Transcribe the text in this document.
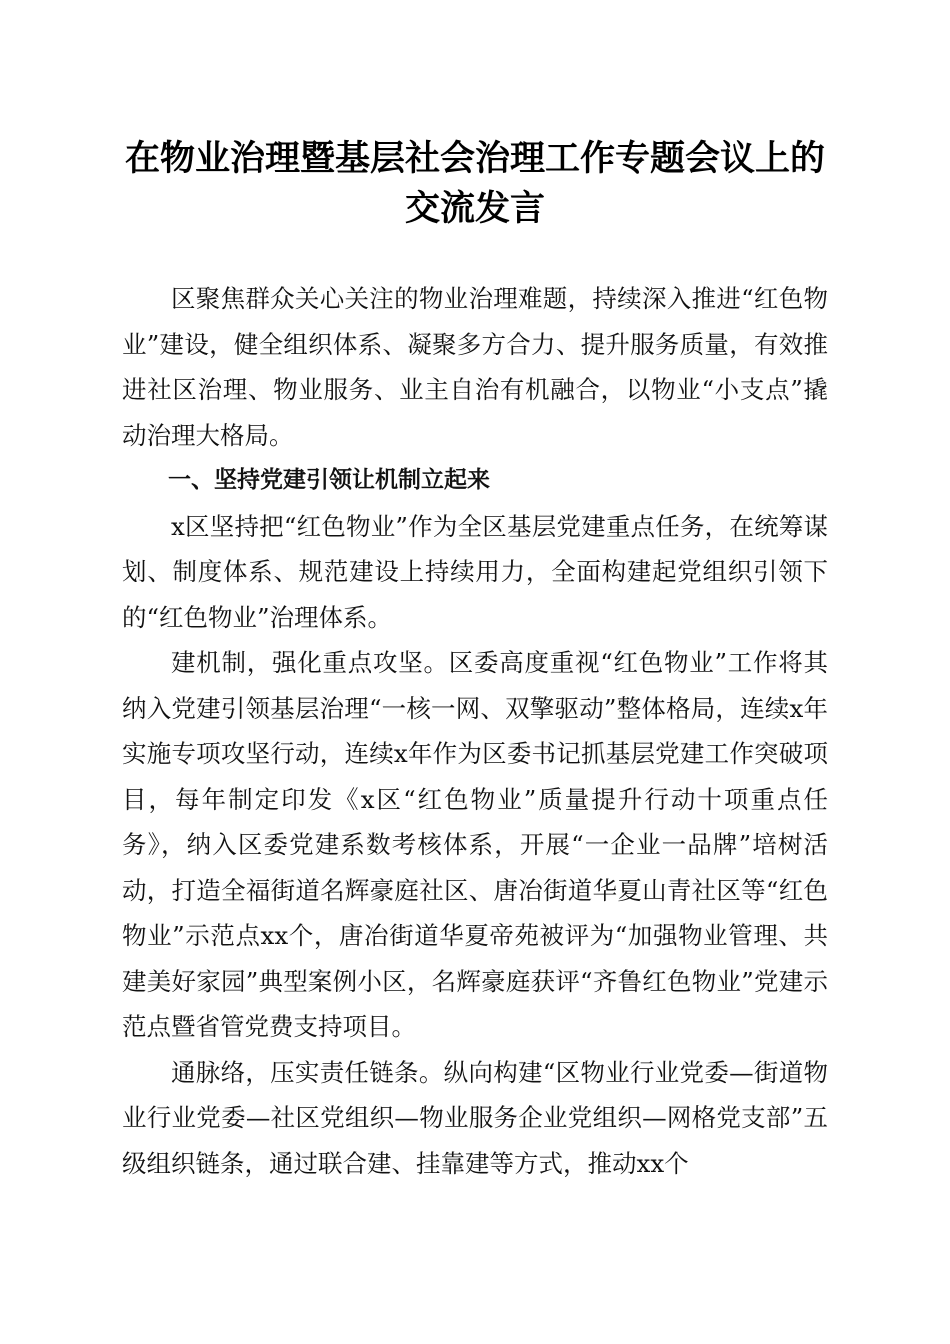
在物业治理暨基层社会治理工作专题会议上的
交流发言

区聚焦群众关心关注的物业治理难题，持续深入推进“红色物业”建设，健全组织体系、凝聚多方合力、提升服务质量，有效推进社区治理、物业服务、业主自治有机融合，以物业“小支点”撬动治理大格局。

一、坚持党建引领让机制立起来

x区坚持把“红色物业”作为全区基层党建重点任务，在统筹谋划、制度体系、规范建设上持续用力，全面构建起党组织引领下的“红色物业”治理体系。

建机制，强化重点攻坚。区委高度重视“红色物业”工作将其纳入党建引领基层治理“一核一网、双擎驱动”整体格局，连续x年实施专项攻坚行动，连续x年作为区委书记抓基层党建工作突破项目，每年制定印发《x区“红色物业”质量提升行动十项重点任务》，纳入区委党建系数考核体系，开展“一企业一品牌”培树活动，打造全福街道名辉豪庭社区、唐冶街道华夏山青社区等“红色物业”示范点xx个，唐冶街道华夏帝苑被评为“加强物业管理、共建美好家园”典型案例小区，名辉豪庭获评“齐鲁红色物业”党建示范点暨省管党费支持项目。

通脉络，压实责任链条。纵向构建“区物业行业党委—街道物业行业党委—社区党组织—物业服务企业党组织—网格党支部”五级组织链条，通过联合建、挂靠建等方式，推动xx个
